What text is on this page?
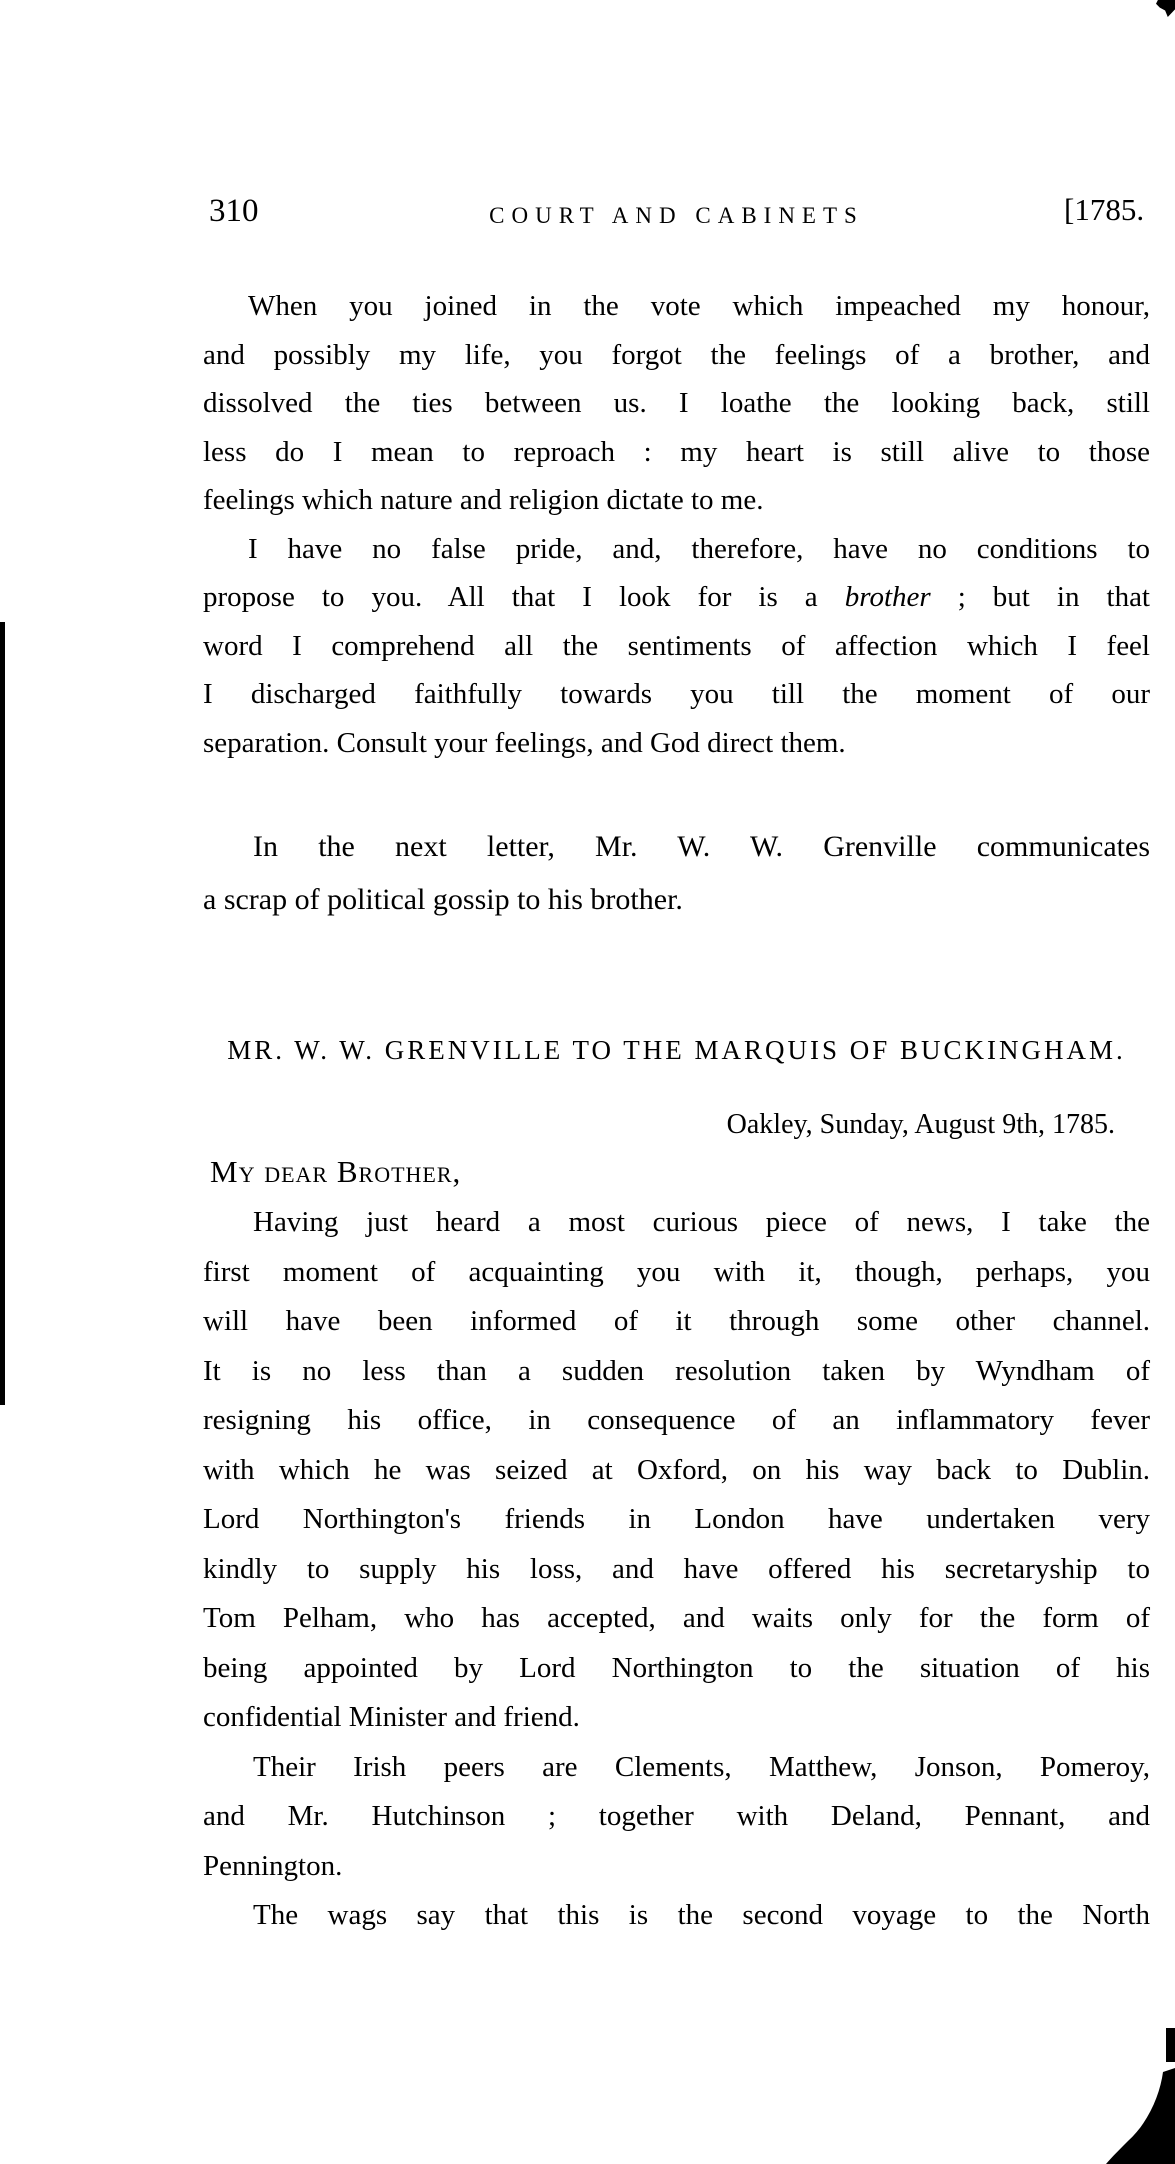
310	COURT AND CABINETS	[1785.
When you joined in the vote which impeached my honour,
and possibly my life, you forgot the feelings of a brother, and
dissolved the ties between us. I loathe the looking back, still
less do I mean to reproach : my heart is still alive to those
feelings which nature and religion dictate to me.
I have no false pride, and, therefore, have no conditions to
propose to you. All that I look for is a brother ; but in that
word I comprehend all the sentiments of affection which I feel
I discharged faithfully towards you till the moment of our
separation. Consult your feelings, and God direct them.
In the next letter, Mr. W. W. Grenville communicates
a scrap of political gossip to his brother.
MR. W. W. GRENVILLE TO THE MARQUIS OF BUCKINGHAM.
Oakley, Sunday, August 9th, 1785.
My dear Brother,
Having just heard a most curious piece of news, I take the
first moment of acquainting you with it, though, perhaps, you
will have been informed of it through some other channel.
It is no less than a sudden resolution taken by Wyndham of
resigning his office, in consequence of an inflammatory fever
with which he was seized at Oxford, on his way back to Dublin.
Lord Northington's friends in London have undertaken very
kindly to supply his loss, and have offered his secretaryship to
Tom Pelham, who has accepted, and waits only for the form of
being appointed by Lord Northington to the situation of his
confidential Minister and friend.
Their Irish peers are Clements, Matthew, Jonson, Pomeroy,
and Mr. Hutchinson ; together with Deland, Pennant, and
Pennington.
The wags say that this is the second voyage to the North
